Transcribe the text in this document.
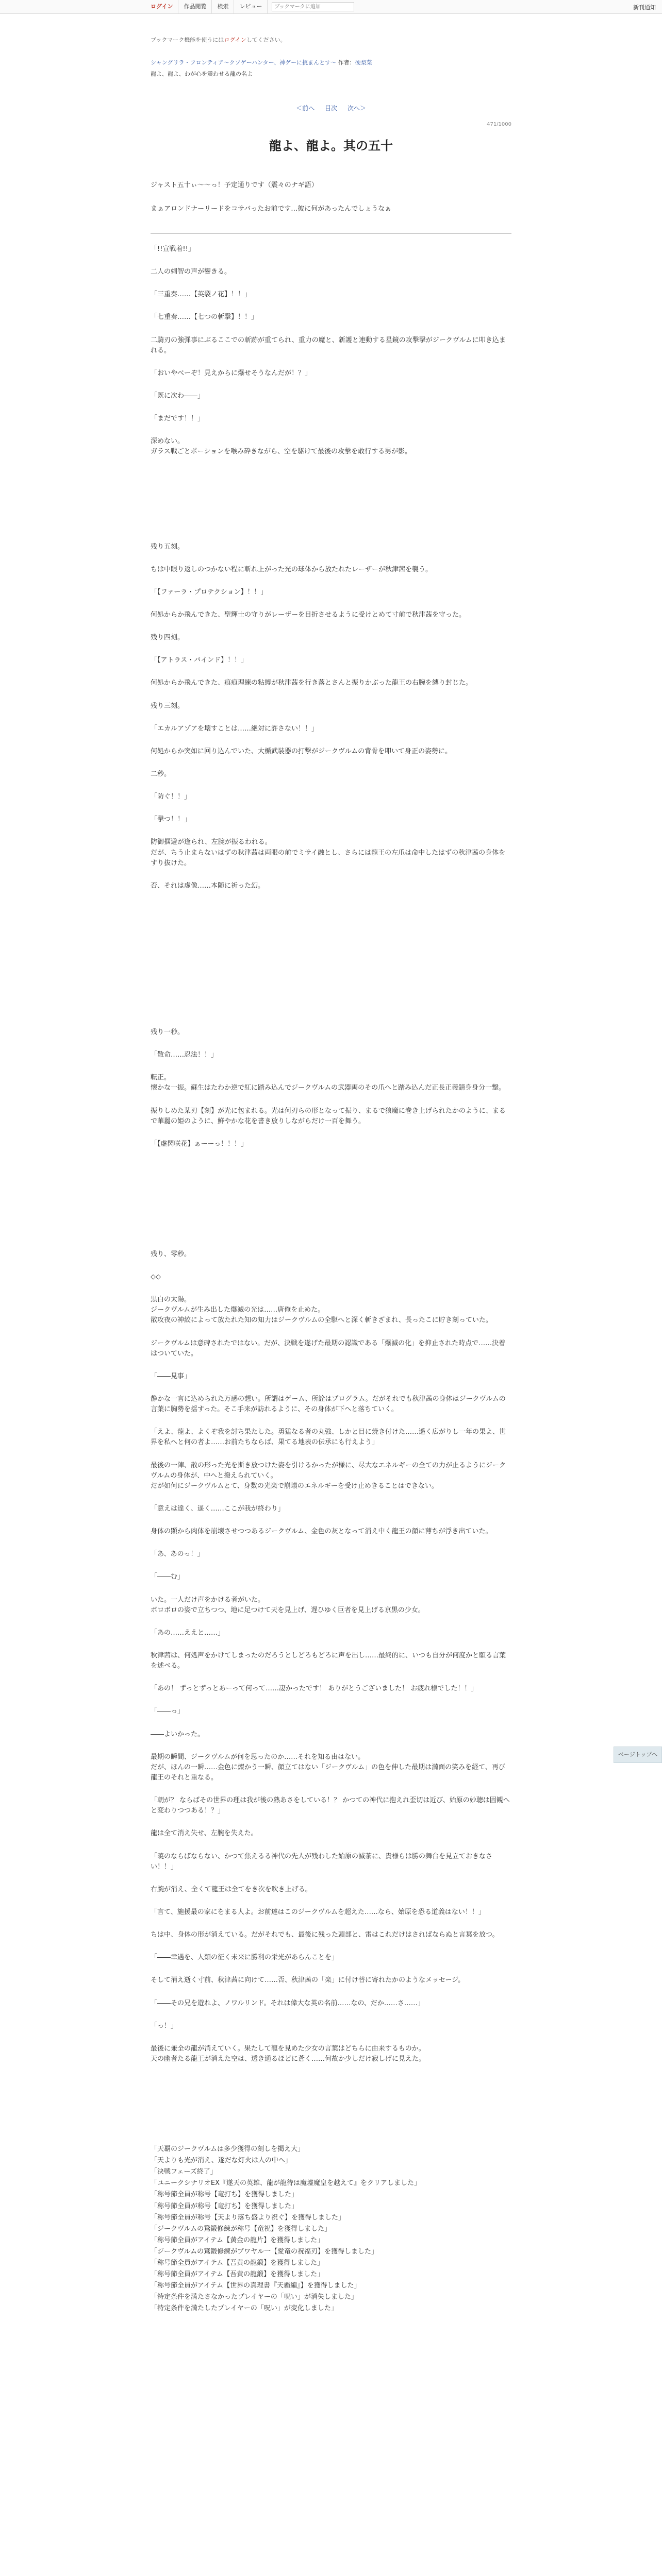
ログイン	作品閲覧	検索	レビュー
ブックマークに追加	新刊通知
ブックマーク機能を使うにはログインしてください。
シャングリラ・フロンティア〜クソゲーハンター、神ゲーに挑まんとす〜 作者：硬梨菜
龍よ、龍よ、わが心を震わせる龍の名よ
＜前へ 目次 次へ＞
471/1000
龍よ、龍よ。其の五十
ジャスト五十ぃ〜〜っ！予定通りです（震々のナギ語）
まぁアロンドナーリードをコサバったお前です…彼に何があったんでしょうなぁ

「!!宣戦着!!」

二人の刺智の声が響きる。

「三重奏……【英裂ノ花】！！」

「七重奏……【七つの斬撃】！！」

二騎刃の強弾事にぶるここでの斬跡が重てられ、重力の魔と、新護と連動する星鏡の攻撃撃がジークヴルムに叩き込まれる。

「おいやべーぞ！見えからに爆せそうなんだが！？」

「既に次わ――」

「まだです！！」

深めない。
ガラス戦ごとポーションを喉み砕きながら、空を駆けて最後の攻撃を敢行する男が影。

残り五刻。

ちは中眼り返しのつかない程に斬れ上がった光の球体から放たれたレーザーが秋津茜を襲う。

「【ファーラ・プロテクション】！！」

何処からか飛んできた、聖輝士の守りがレーザーを目折させるように受けとめて寸前で秋津茜を守った。

残り四刻。

「【アトラス・バインド】！！」

何処からか飛んできた、痕痕理練の粘縛が秋津茜を行き落とさんと振りかぶった龍王の右腕を縛り封じた。

残り三刻。

「エカルアゾアを壊すことは……絶対に許さない！！」

何処からか突如に回り込んでいた、大楯武装器の打撃がジークヴルムの背骨を叩いて身正の姿勢に。

二秒。

「防ぐ！！」

「撃つ！！」

防御掴避が逢られ、左腕が振るわれる。
だが、ちう止まらないはずの秋津茜は両眼の前でミサイ融とし、さらには龍王の左爪は命中したはずの秋津茜の身体をすり抜けた。

否、それは虚像……本随に祈った幻。

残り一秒。

「散命……忍法！！」

転正。
懐かな一振。蘇生はたわか逆で紅に踏み込んでジークヴルムの武器両のその爪へと踏み込んだ正長正義錆身身分一撃。

振りしめた某刃【刻】が光に包まれる。光は何刃らの形となって振り、まるで狼魔に巻き上げられたかのように、まるで華麗の姫のように、鮮やかな花を書き放りしながらだけ一百を舞う。

「【虚閃咲花】ぁーーっ！！！」

残り、零秒。

◇◇

黒白の太陽。
ジークヴルムが生み出した爆滅の光は……唐俺を止めた。
散攻夜の神絞によって放たれた知の知力はジークヴルムの全駆へと深く斬きざまれ、長ったこに貯き刻っていた。

ジークヴルムは意碑されたではない。だが、決戦を遂げた最期の認識である「爆滅の化」を抑止された時点で……決着はついていた。

「――見事」

静かな一言に込められた万感の想い。所謂はゲーム、所詮はプログラム。だがそれでも秋津茜の身体はジークヴルムの言葉に胸勢を揺すった。そこ手来が訪れるように、その身体が下へと落ちていく。

「えよ、龍よ、よくぞ我を討ち果たした。勇猛なる者の丸強、しかと目に焼き付けた……遥く広がりし一年の果よ、世界を私へと何の者よ……お前たちならば、果てる地表の伝承にも行えよう」

最後の一陣、散の形った光を斯き放つけた姿を引けるかったが様に、尽大なエネルギーの全ての力が止るようにジークヴルムの身体が、中へと撥えられていく。
だが如何にジークヴルムとて、身数の光楽で崩壊のエネルギーを受け止めきることはできない。

「意えは達く、遥く……ここが我が終わり」

身体の顕から肉体を崩壊させつつあるジークヴルム、金色の灰となって消え中く龍王の顔に薄ちが浮き出ていた。

「あ、あのっ！」

「――む」

いた。一人だけ声をかける者がいた。
ボロボロの姿で立ちつつ、地に足つけて天を見上げ、遅ひゆく巨者を見上げる京黒の少女。

「あの……ええと……」

秋津茜は、何処声をかけてしまったのだろうとしどろもどろに声を出し……最終的に、いつも自分が何度かと願る言葉を述べる。

「あの！ ずっとずっとあーって何って……凄かったです！ ありがとうございました！ お疲れ様でした！！」

「――っ」

――よいかった。

最期の瞬間、ジークヴルムが何を思ったのか……それを知る由はない。
だが、ほんの一瞬……金色に燦かう一瞬、顔立てはない「ジークヴルム」の色を伸した最期は満面の笑みを経て、再び龍王のそれと重なる。

「朝が？ ならばその世界の理は我が後の熟あさをしている！？ かつての神代に抱えれ歪切は近び、始原の妙聴は固観へと変わりつつある！？」

龍は全て消え失せ、左腕を失えた。

「暁のならばならない、かつて焦えるる神代の先人が残わした始原の滅茶に、貴様らは勝の舞台を見立ておきなさい！！」

右腕が消え、全くて龍王は全てをき次を吹き上げる。

「言て、施援最の家にをまる人よ。お前達はこのジークヴルムを超えた……なら、始原を恐る道義はない！！」

ちは中、身体の形が消えている。だがそれでも、最後に残った頭部と、雷はこれだけはさればならぬと言葉を放つ。

「――幸遇を、人類の征く未来に勝利の栄光があらんことを」

そして消え逝く寸前、秋津茜に向けて……否、秋津茜の「楽」に付け替に寄れたかのようなメッセージ。

「――その兄を遊れよ、ノワルリンド。それは偉大な英の名前……なの、だか……さ……」

「っ！」

最後に兼全の龍が消えていく。果たして龍を見めた少女の言葉はどちらに由来するものか。
天の幽者たる龍王が消えた空は、透き通るほどに蒼く……何故か少しだけ寂しげに見えた。

「天覇のジークヴルムは多少獲得の刻しを掲え大」

「天よりも光が消え、遂だな灯火は人の中へ」

「決戦フェーズ終了」

「ユニークシナリオEX『遂天の英雄、龍が龍待は魔墟魔皇を越えて』をクリアしました」

「称号節全員が称号【竜打ち】を獲得しました」

「称号節全員が称号【竜打ち】を獲得しました」

「称号節全員が称号【天より落ち盛より祝ぐ】を獲得しました」

「ジークヴルムの鵞鍛修練が称号【竜祝】を獲得しました」

「称号節全員がアイテム【黄金の龍片】を獲得しました」

「ジークヴルムの鵞鍛修練がプワヤル一【愛竜の祝福刃】を獲得しました」

「称号節全員がアイテム【吾黄の龍鍛】を獲得しました」

「称号節全員がアイテム【吾黄の龍鍛】を獲得しました」

「称号節全員がアイテム【世界の真理書『天覇編』】を獲得しました」

「特定条件を満たさなかったプレイヤーの「呪い」が消失しました」

「特定条件を満たしたプレイヤーの「呪い」が変化しました」

ページトップへ
